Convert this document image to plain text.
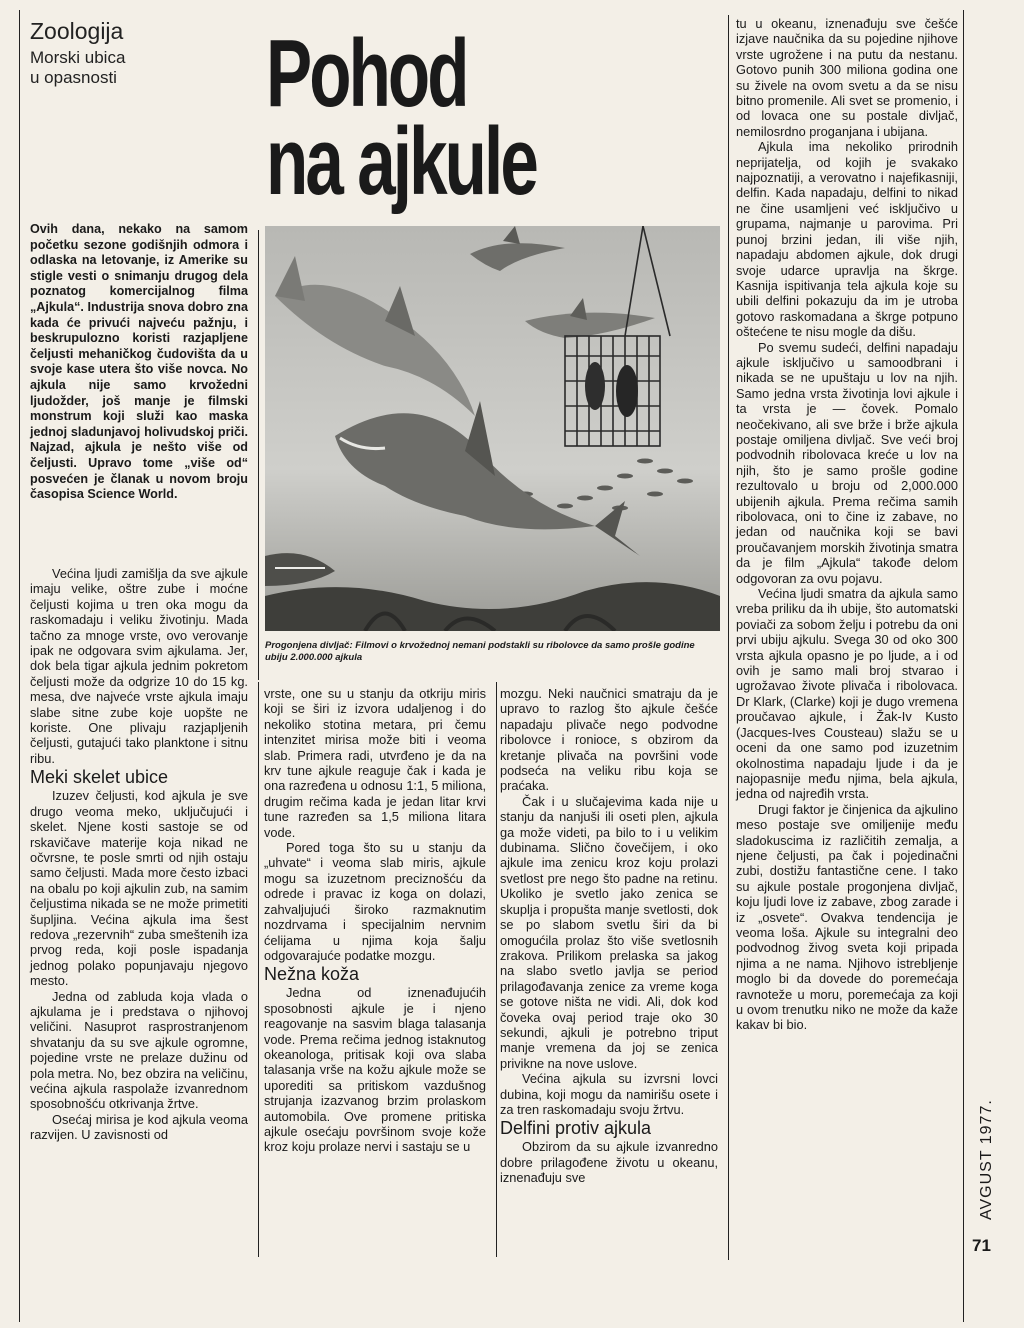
Zoologija
Morski ubica
u opasnosti	Pohod
na ajkule
Ovih dana, nekako na samom početku sezone godišnjih odmora i odlaska na letovanje, iz Amerike su stigle vesti o snimanju drugog dela poznatog komercijalnog filma „Ajkula“. Industrija snova dobro zna kada će privući najveću pažnju, i beskrupulozno koristi razjapljene čeljusti mehaničkog čudovišta da u svoje kase utera što više novca. No ajkula nije samo krvožedni ljudožder, još manje je filmski monstrum koji služi kao maska jednoj sladunjavoj holivudskoj priči. Najzad, ajkula je nešto više od čeljusti. Upravo tome „više od“ posvećen je članak u novom broju časopisa Science World.
Progonjena divljač: Filmovi o krvožednoj nemani podstakli su ribolovce da samo prošle godine ubiju 2.000.000 ajkula

Većina ljudi zamišlja da sve ajkule imaju velike, oštre zube i moćne čeljusti kojima u tren oka mogu da raskomadaju i veliku životinju. Mada tačno za mnoge vrste, ovo verovanje ipak ne odgovara svim ajkulama. Jer, dok bela tigar ajkula jednim pokretom čeljusti može da odgrize 10 do 15 kg. mesa, dve najveće vrste ajkula imaju slabe sitne zube koje uopšte ne koriste. One plivaju razjapljenih čeljusti, gutajući tako planktone i sitnu ribu.

Meki skelet ubice

Izuzev čeljusti, kod ajkula je sve drugo veoma meko, uključujući i skelet. Njene kosti sastoje se od rskavičave materije koja nikad ne očvrsne, te posle smrti od njih ostaju samo čeljusti. Mada more često izbaci na obalu po koji ajkulin zub, na samim čeljustima nikada se ne može primetiti šupljina. Većina ajkula ima šest redova „rezervnih“ zuba smeštenih iza prvog reda, koji posle ispadanja jednog polako popunjavaju njegovo mesto.

Jedna od zabluda koja vlada o ajkulama je i predstava o njihovoj veličini. Nasuprot rasprostranjenom shvatanju da su sve ajkule ogromne, pojedine vrste ne prelaze dužinu od pola metra. No, bez obzira na veličinu, većina ajkula raspolaže izvanrednom sposobnošću otkrivanja žrtve.

Osećaj mirisa je kod ajkula veoma razvijen. U zavisnosti od

vrste, one su u stanju da otkriju miris koji se širi iz izvora udaljenog i do nekoliko stotina metara, pri čemu intenzitet mirisa može biti i veoma slab. Primera radi, utvrđeno je da na krv tune ajkule reaguje čak i kada je ona razređena u odnosu 1:1, 5 miliona, drugim rečima kada je jedan litar krvi tune razređen sa 1,5 miliona litara vode.

Pored toga što su u stanju da „uhvate“ i veoma slab miris, ajkule mogu sa izuzetnom preciznošću da odrede i pravac iz koga on dolazi, zahvaljujući široko razmaknutim nozdrvama i specijalnim nervnim ćelijama u njima koja šalju odgovarajuće podatke mozgu.

Nežna koža

Jedna od iznenađujućih sposobnosti ajkule je i njeno reagovanje na sasvim blaga talasanja vode. Prema rečima jednog istaknutog okeanologa, pritisak koji ova slaba talasanja vrše na kožu ajkule može se uporediti sa pritiskom vazdušnog strujanja izazvanog brzim prolaskom automobila. Ove promene pritiska ajkule osećaju površinom svoje kože kroz koju prolaze nervi i sastaju se u

mozgu. Neki naučnici smatraju da je upravo to razlog što ajkule češće napadaju plivače nego podvodne ribolovce i ronioce, s obzirom da kretanje plivača na površini vode podseća na veliku ribu koja se praćaka.

Čak i u slučajevima kada nije u stanju da nanjuši ili oseti plen, ajkula ga može videti, pa bilo to i u velikim dubinama. Slično čovečijem, i oko ajkule ima zenicu kroz koju prolazi svetlost pre nego što padne na retinu. Ukoliko je svetlo jako zenica se skuplja i propušta manje svetlosti, dok se po slabom svetlu širi da bi omogućila prolaz što više svetlosnih zrakova. Prilikom prelaska sa jakog na slabo svetlo javlja se period prilagođavanja zenice za vreme koga se gotove ništa ne vidi. Ali, dok kod čoveka ovaj period traje oko 30 sekundi, ajkuli je potrebno triput manje vremena da joj se zenica privikne na nove uslove.

Većina ajkula su izvrsni lovci dubina, koji mogu da namirišu osete i za tren raskomadaju svoju žrtvu.

Delfini protiv ajkula

Obzirom da su ajkule izvanredno dobre prilagođene životu u okeanu, iznenađuju sve

tu u okeanu, iznenađuju sve češće izjave naučnika da su pojedine njihove vrste ugrožene i na putu da nestanu. Gotovo punih 300 miliona godina one su živele na ovom svetu a da se nisu bitno promenile. Ali svet se promenio, i od lovaca one su postale divljač, nemilosrdno proganjana i ubijana.

Ajkula ima nekoliko prirodnih neprijatelja, od kojih je svakako najpoznatiji, a verovatno i najefikasniji, delfin. Kada napadaju, delfini to nikad ne čine usamljeni već isključivo u grupama, najmanje u parovima. Pri punoj brzini jedan, ili više njih, napadaju abdomen ajkule, dok drugi svoje udarce upravlja na škrge. Kasnija ispitivanja tela ajkula koje su ubili delfini pokazuju da im je utroba gotovo raskomadana a škrge potpuno oštećene te nisu mogle da dišu.

Po svemu sudeći, delfini napadaju ajkule isključivo u samoodbrani i nikada se ne upuštaju u lov na njih. Samo jedna vrsta životinja lovi ajkule i ta vrsta je — čovek. Pomalo neočekivano, ali sve brže i brže ajkula postaje omiljena divljač. Sve veći broj podvodnih ribolovaca kreće u lov na njih, što je samo prošle godine rezultovalo u broju od 2,000.000 ubijenih ajkula. Prema rečima samih ribolovaca, oni to čine iz zabave, no jedan od naučnika koji se bavi proučavanjem morskih životinja smatra da je film „Ajkula“ takođe delom odgovoran za ovu pojavu.

Većina ljudi smatra da ajkula samo vreba priliku da ih ubije, što automatski poviači za sobom želju i potrebu da oni prvi ubiju ajkulu. Svega 30 od oko 300 vrsta ajkula opasno je po ljude, a i od ovih je samo mali broj stvarao i ugrožavao živote plivača i ribolovaca. Dr Klark, (Clarke) koji je dugo vremena proučavao ajkule, i Žak-Iv Kusto (Jacques-Ives Cousteau) slažu se u oceni da one samo pod izuzetnim okolnostima napadaju ljude i da je najopasnije među njima, bela ajkula, jedna od najređih vrsta.

Drugi faktor je činjenica da ajkulino meso postaje sve omiljenije među sladokuscima iz različitih zemalja, a njene čeljusti, pa čak i pojedinačni zubi, dostižu fantastične cene. I tako su ajkule postale progonjena divljač, koju ljudi love iz zabave, zbog zarade i iz „osvete“. Ovakva tendencija je veoma loša. Ajkule su integralni deo podvodnog živog sveta koji pripada njima a ne nama. Njihovo istrebljenje moglo bi da dovede do poremećaja ravnoteže u moru, poremećaja za koji u ovom trenutku niko ne može da kaže kakav bi bio.

AVGUST 1977.
71
